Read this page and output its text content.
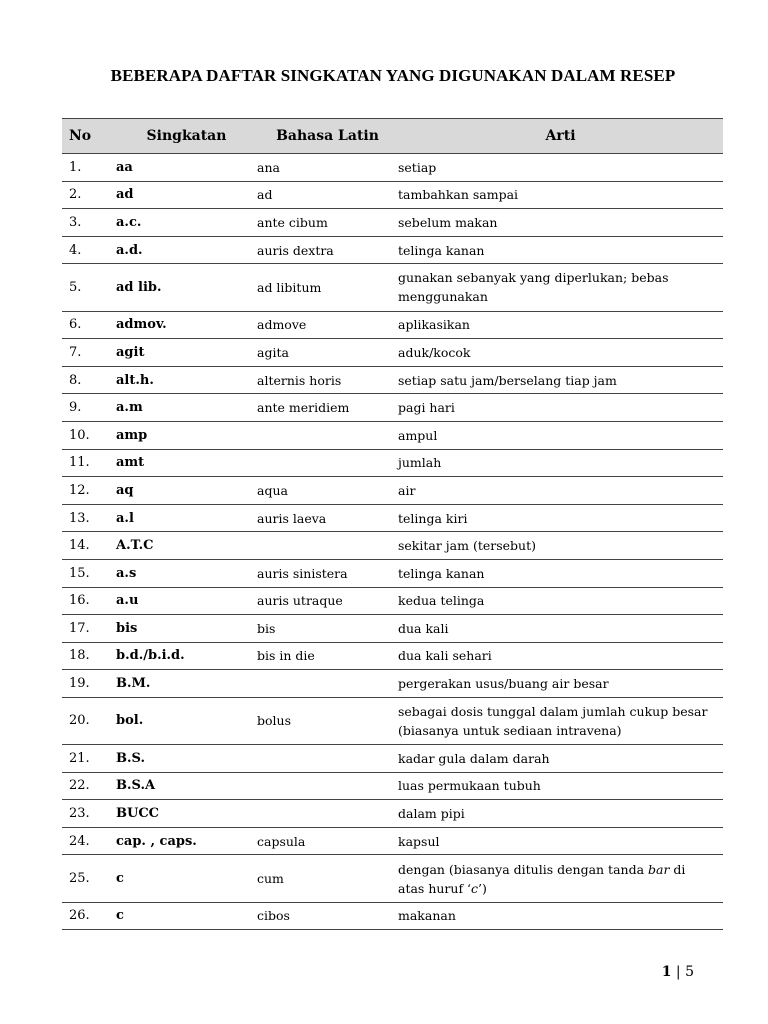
BEBERAPA DAFTAR SINGKATAN YANG DIGUNAKAN DALAM RESEP
No	Singkatan	Bahasa Latin	Arti
1.	aa	ana	setiap
2.	ad	ad	tambahkan sampai
3.	a.c.	ante cibum	sebelum makan
4.	a.d.	auris dextra	telinga kanan
5.	ad lib.	ad libitum	gunakan sebanyak yang diperlukan; bebas menggunakan
6.	admov.	admove	aplikasikan
7.	agit	agita	aduk/kocok
8.	alt.h.	alternis horis	setiap satu jam/berselang tiap jam
9.	a.m	ante meridiem	pagi hari
10.	amp		ampul
11.	amt		jumlah
12.	aq	aqua	air
13.	a.l	auris laeva	telinga kiri
14.	A.T.C		sekitar jam (tersebut)
15.	a.s	auris sinistera	telinga kanan
16.	a.u	auris utraque	kedua telinga
17.	bis	bis	dua kali
18.	b.d./b.i.d.	bis in die	dua kali sehari
19.	B.M.		pergerakan usus/buang air besar
20.	bol.	bolus	sebagai dosis tunggal dalam jumlah cukup besar (biasanya untuk sediaan intravena)
21.	B.S.		kadar gula dalam darah
22.	B.S.A		luas permukaan tubuh
23.	BUCC		dalam pipi
24.	cap. , caps.	capsula	kapsul
25.	c	cum	dengan (biasanya ditulis dengan tanda bar di atas huruf ‘c’)
26.	c	cibos	makanan
1 | 5
